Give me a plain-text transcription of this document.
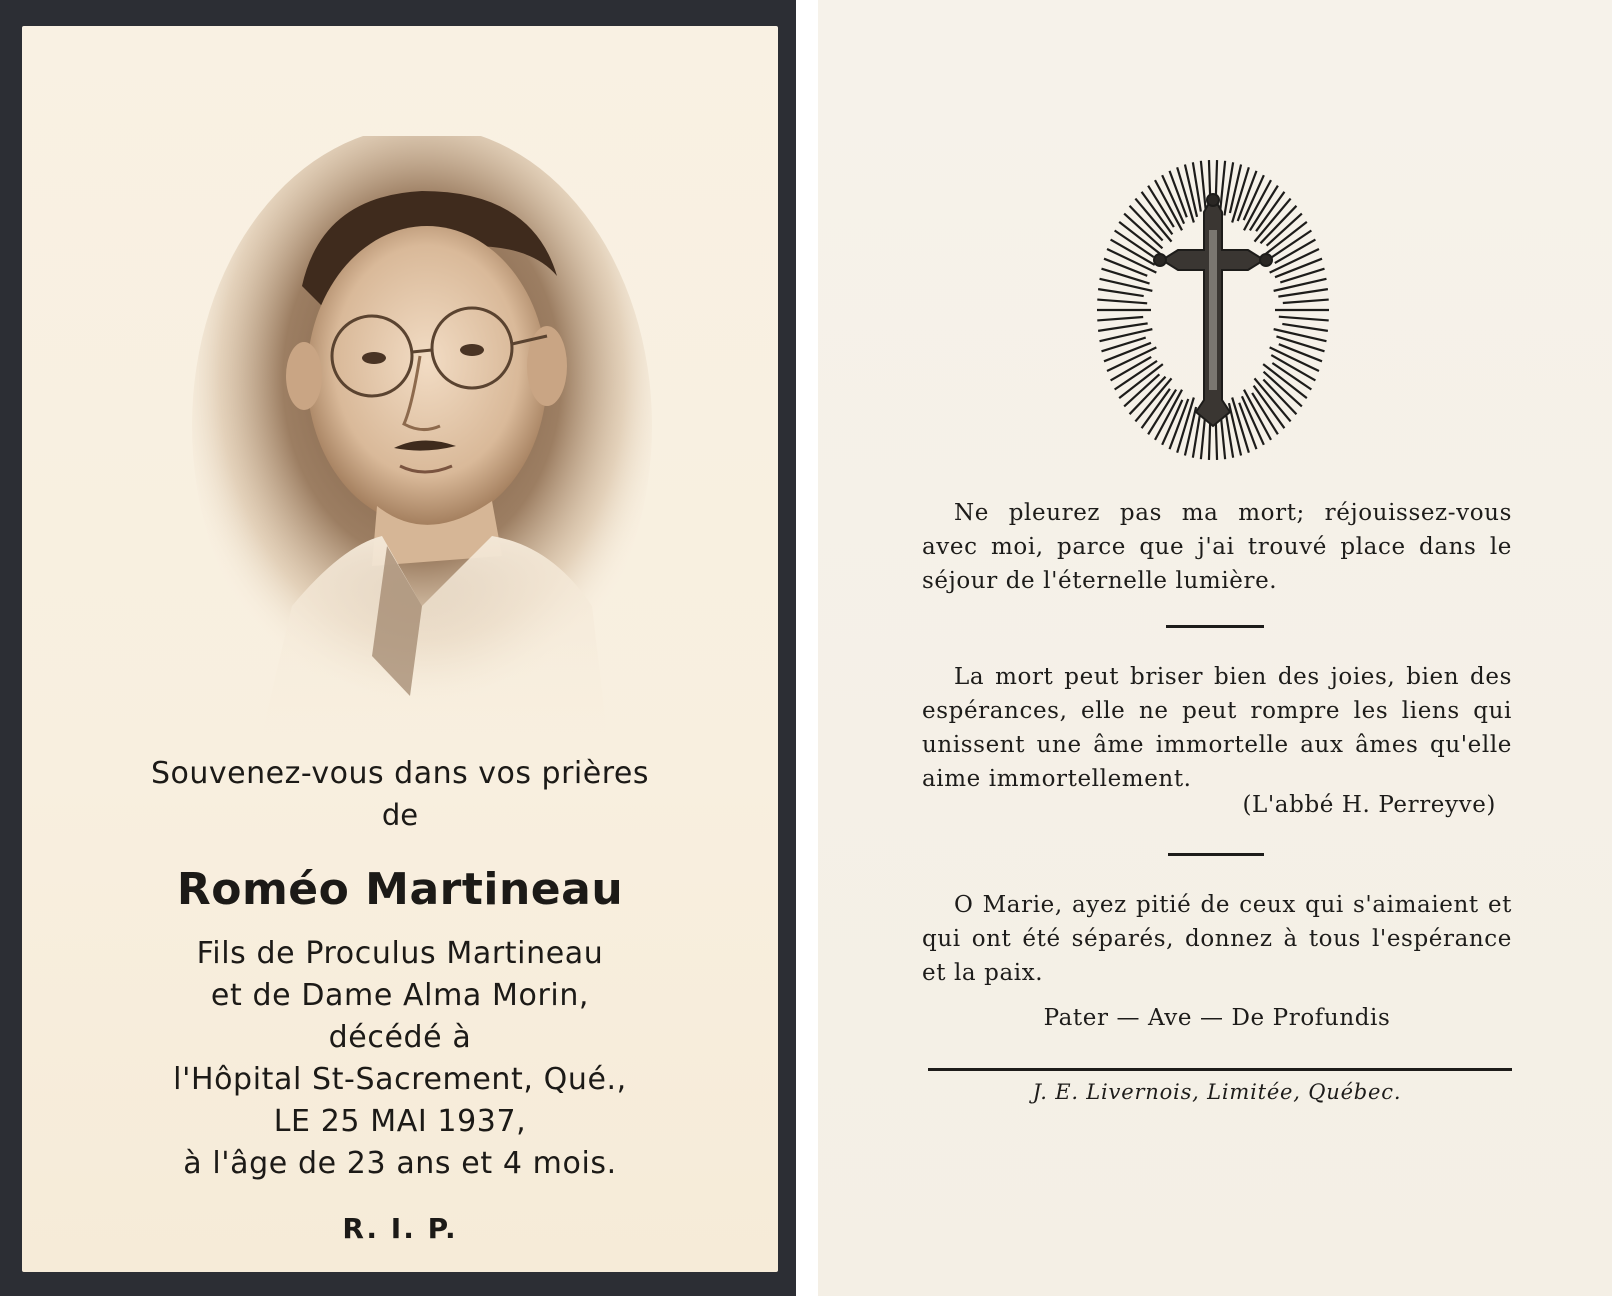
Souvenez-vous dans vos prières
de
Roméo Martineau
Fils de Proculus Martineau
et de Dame Alma Morin,
décédé à
l'Hôpital St-Sacrement, Qué.,
LE 25 MAI 1937,
à l'âge de 23 ans et 4 mois.
R. I. P.

Ne pleurez pas ma mort; réjouissez-vous avec moi, parce que j'ai trouvé place dans le séjour de l'éternelle lumière.

La mort peut briser bien des joies, bien des espérances, elle ne peut rompre les liens qui unissent une âme immortelle aux âmes qu'elle aime immortellement.

(L'abbé H. Perreyve)

O Marie, ayez pitié de ceux qui s'aimaient et qui ont été séparés, donnez à tous l'espérance et la paix.

Pater — Ave — De Profundis
J. E. Livernois, Limitée, Québec.
